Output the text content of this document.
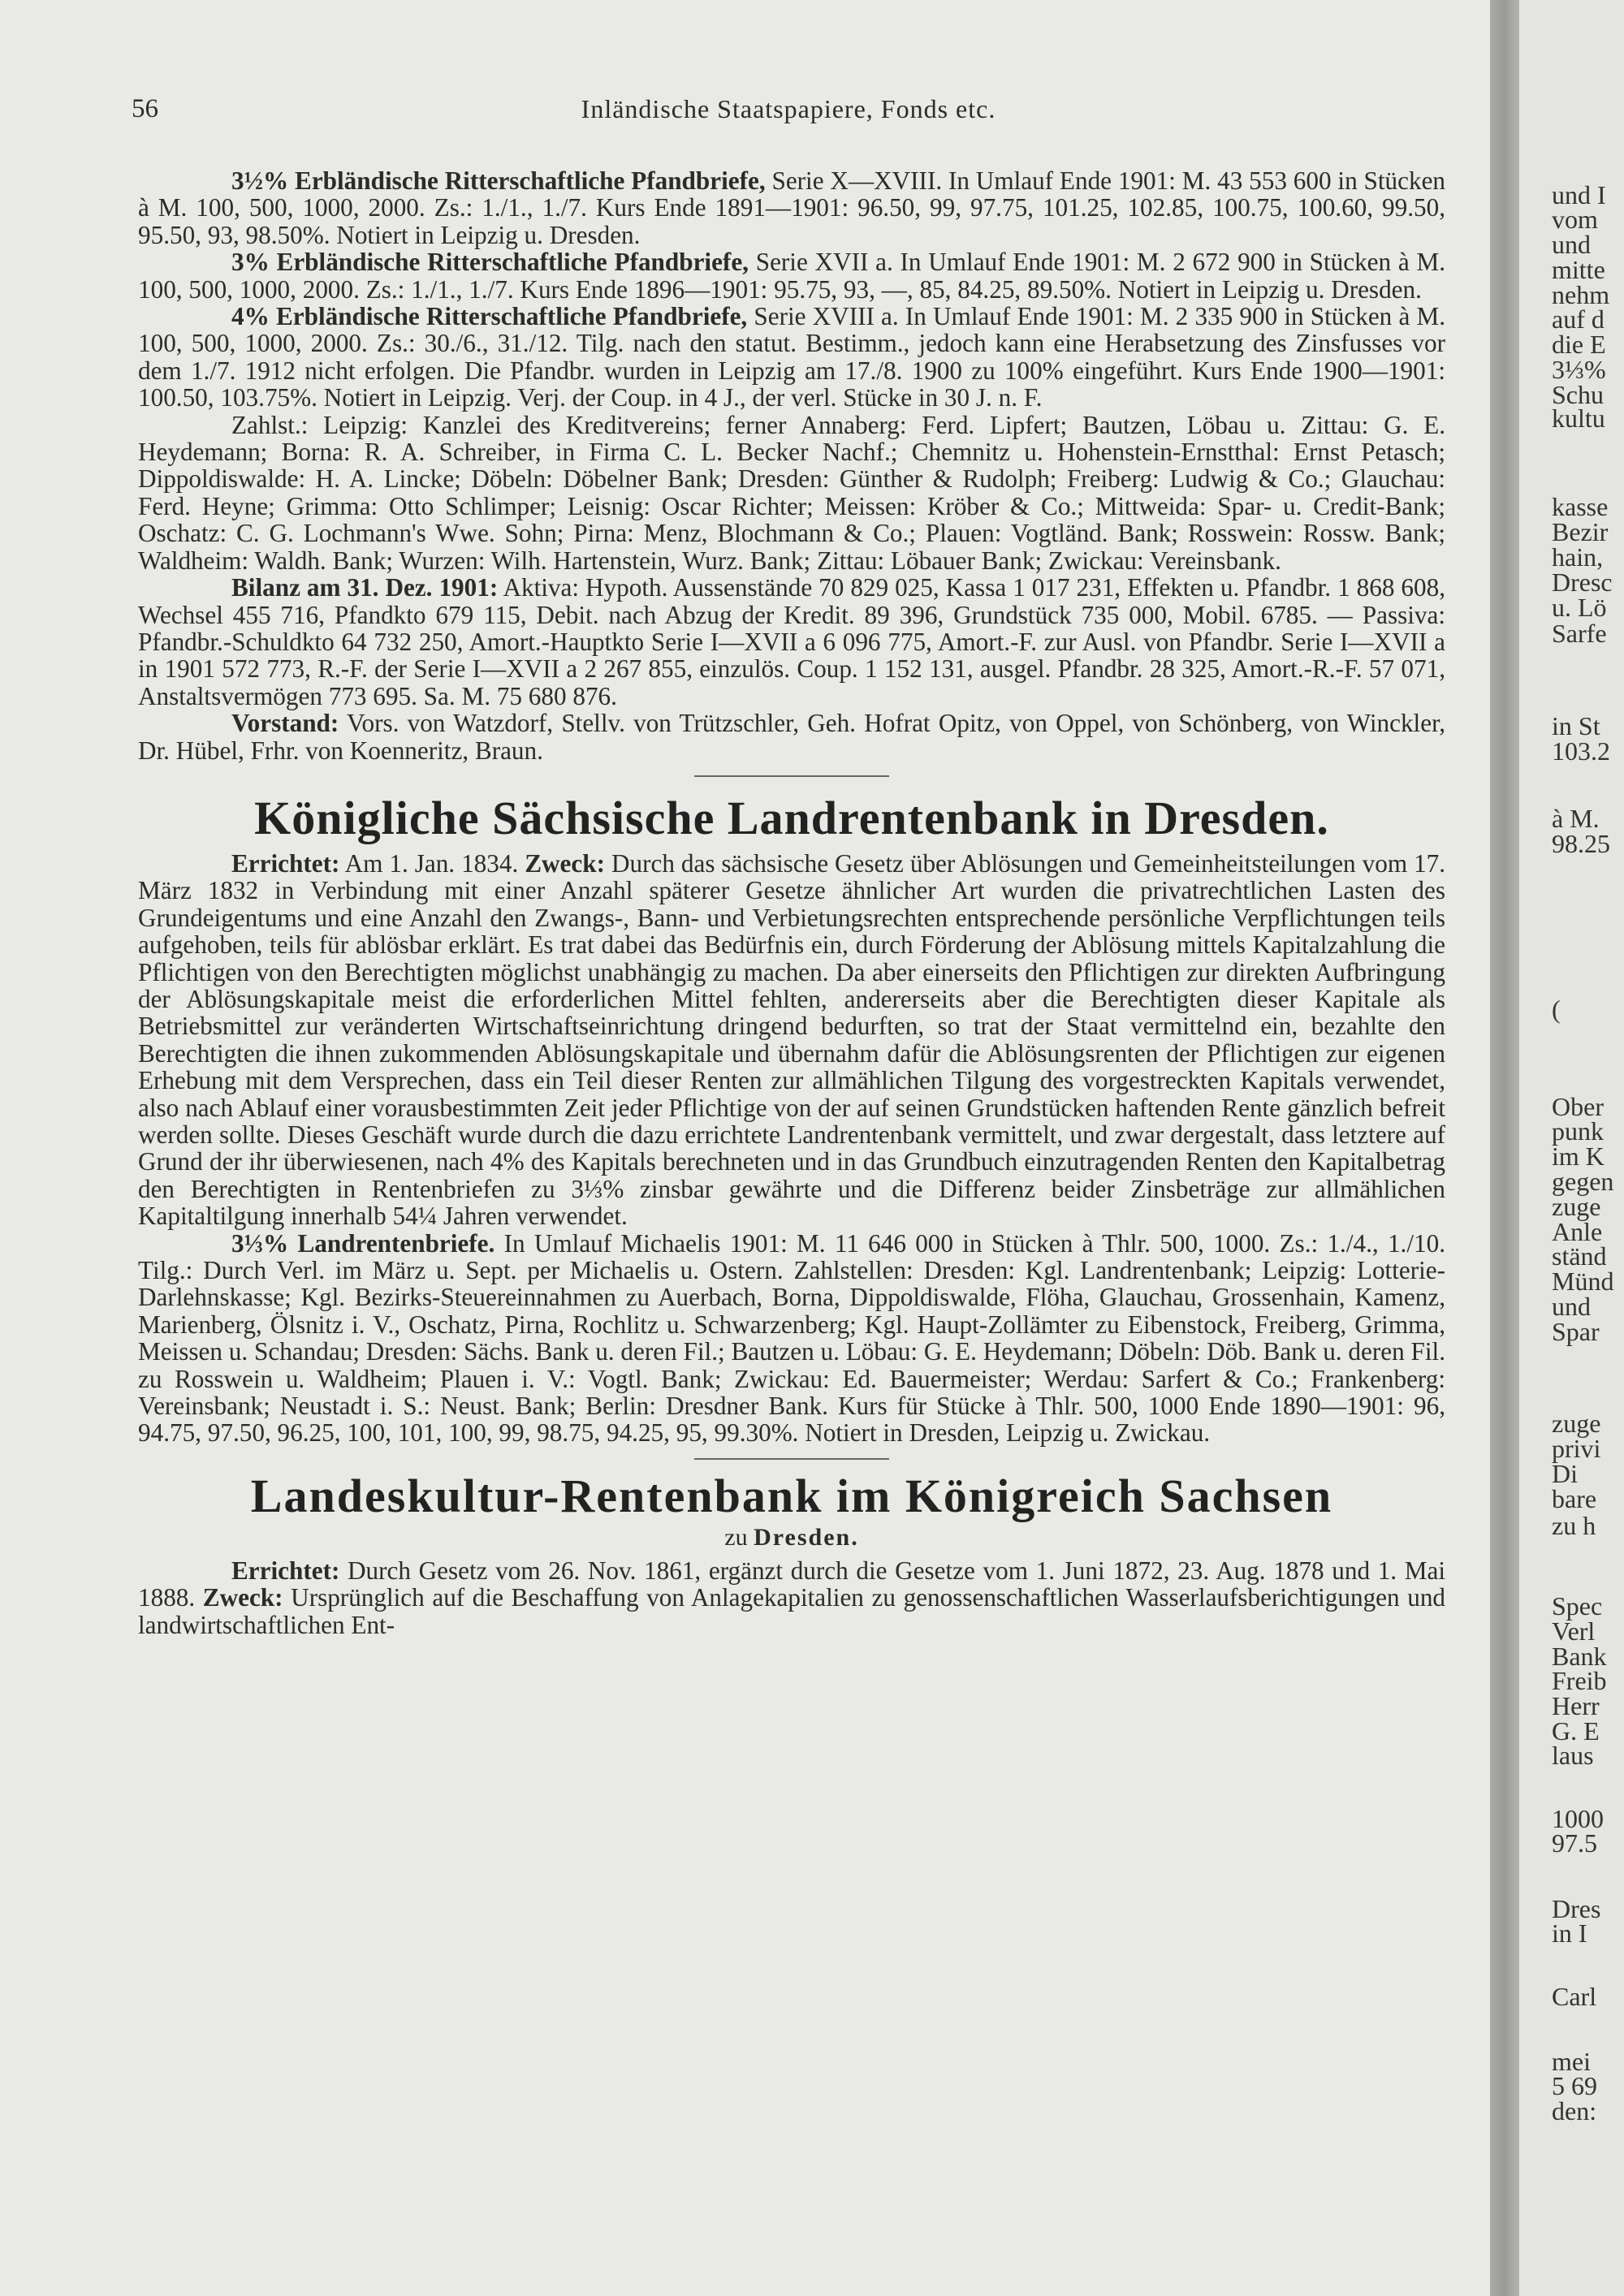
56	Inländische Staatspapiere, Fonds etc.

3½% Erbländische Ritterschaftliche Pfandbriefe, Serie X—XVIII. In Umlauf Ende 1901: M. 43 553 600 in Stücken à M. 100, 500, 1000, 2000. Zs.: 1./1., 1./7. Kurs Ende 1891—1901: 96.50, 99, 97.75, 101.25, 102.85, 100.75, 100.60, 99.50, 95.50, 93, 98.50%. Notiert in Leipzig u. Dresden.

3% Erbländische Ritterschaftliche Pfandbriefe, Serie XVII a. In Umlauf Ende 1901: M. 2 672 900 in Stücken à M. 100, 500, 1000, 2000. Zs.: 1./1., 1./7. Kurs Ende 1896—1901: 95.75, 93, —, 85, 84.25, 89.50%. Notiert in Leipzig u. Dresden.

4% Erbländische Ritterschaftliche Pfandbriefe, Serie XVIII a. In Umlauf Ende 1901: M. 2 335 900 in Stücken à M. 100, 500, 1000, 2000. Zs.: 30./6., 31./12. Tilg. nach den statut. Bestimm., jedoch kann eine Herabsetzung des Zinsfusses vor dem 1./7. 1912 nicht erfolgen. Die Pfandbr. wurden in Leipzig am 17./8. 1900 zu 100% eingeführt. Kurs Ende 1900—1901: 100.50, 103.75%. Notiert in Leipzig. Verj. der Coup. in 4 J., der verl. Stücke in 30 J. n. F.

Zahlst.: Leipzig: Kanzlei des Kreditvereins; ferner Annaberg: Ferd. Lipfert; Bautzen, Löbau u. Zittau: G. E. Heydemann; Borna: R. A. Schreiber, in Firma C. L. Becker Nachf.; Chemnitz u. Hohenstein-Ernstthal: Ernst Petasch; Dippoldiswalde: H. A. Lincke; Döbeln: Döbelner Bank; Dresden: Günther & Rudolph; Freiberg: Ludwig & Co.; Glauchau: Ferd. Heyne; Grimma: Otto Schlimper; Leisnig: Oscar Richter; Meissen: Kröber & Co.; Mittweida: Spar- u. Credit-Bank; Oschatz: C. G. Lochmann's Wwe. Sohn; Pirna: Menz, Blochmann & Co.; Plauen: Vogtländ. Bank; Rosswein: Rossw. Bank; Waldheim: Waldh. Bank; Wurzen: Wilh. Hartenstein, Wurz. Bank; Zittau: Löbauer Bank; Zwickau: Vereinsbank.

Bilanz am 31. Dez. 1901: Aktiva: Hypoth. Aussenstände 70 829 025, Kassa 1 017 231, Effekten u. Pfandbr. 1 868 608, Wechsel 455 716, Pfandkto 679 115, Debit. nach Abzug der Kredit. 89 396, Grundstück 735 000, Mobil. 6785. — Passiva: Pfandbr.-Schuldkto 64 732 250, Amort.-Hauptkto Serie I—XVII a 6 096 775, Amort.-F. zur Ausl. von Pfandbr. Serie I—XVII a in 1901 572 773, R.-F. der Serie I—XVII a 2 267 855, einzulös. Coup. 1 152 131, ausgel. Pfandbr. 28 325, Amort.-R.-F. 57 071, Anstaltsvermögen 773 695. Sa. M. 75 680 876.

Vorstand: Vors. von Watzdorf, Stellv. von Trützschler, Geh. Hofrat Opitz, von Oppel, von Schönberg, von Winckler, Dr. Hübel, Frhr. von Koenneritz, Braun.

Königliche Sächsische Landrentenbank in Dresden.

Errichtet: Am 1. Jan. 1834. Zweck: Durch das sächsische Gesetz über Ablösungen und Gemeinheitsteilungen vom 17. März 1832 in Verbindung mit einer Anzahl späterer Gesetze ähnlicher Art wurden die privatrechtlichen Lasten des Grundeigentums und eine Anzahl den Zwangs-, Bann- und Verbietungsrechten entsprechende persönliche Verpflichtungen teils aufgehoben, teils für ablösbar erklärt. Es trat dabei das Bedürfnis ein, durch Förderung der Ablösung mittels Kapitalzahlung die Pflichtigen von den Berechtigten möglichst unabhängig zu machen. Da aber einerseits den Pflichtigen zur direkten Aufbringung der Ablösungskapitale meist die erforderlichen Mittel fehlten, andererseits aber die Berechtigten dieser Kapitale als Betriebsmittel zur veränderten Wirtschaftseinrichtung dringend bedurften, so trat der Staat vermittelnd ein, bezahlte den Berechtigten die ihnen zukommenden Ablösungskapitale und übernahm dafür die Ablösungsrenten der Pflichtigen zur eigenen Erhebung mit dem Versprechen, dass ein Teil dieser Renten zur allmählichen Tilgung des vorgestreckten Kapitals verwendet, also nach Ablauf einer vorausbestimmten Zeit jeder Pflichtige von der auf seinen Grundstücken haftenden Rente gänzlich befreit werden sollte. Dieses Geschäft wurde durch die dazu errichtete Landrentenbank vermittelt, und zwar dergestalt, dass letztere auf Grund der ihr überwiesenen, nach 4% des Kapitals berechneten und in das Grundbuch einzutragenden Renten den Kapitalbetrag den Berechtigten in Rentenbriefen zu 3⅓% zinsbar gewährte und die Differenz beider Zinsbeträge zur allmählichen Kapitaltilgung innerhalb 54¼ Jahren verwendet.

3⅓% Landrentenbriefe. In Umlauf Michaelis 1901: M. 11 646 000 in Stücken à Thlr. 500, 1000. Zs.: 1./4., 1./10. Tilg.: Durch Verl. im März u. Sept. per Michaelis u. Ostern. Zahlstellen: Dresden: Kgl. Landrentenbank; Leipzig: Lotterie-Darlehnskasse; Kgl. Bezirks-Steuereinnahmen zu Auerbach, Borna, Dippoldiswalde, Flöha, Glauchau, Grossenhain, Kamenz, Marienberg, Ölsnitz i. V., Oschatz, Pirna, Rochlitz u. Schwarzenberg; Kgl. Haupt-Zollämter zu Eibenstock, Freiberg, Grimma, Meissen u. Schandau; Dresden: Sächs. Bank u. deren Fil.; Bautzen u. Löbau: G. E. Heydemann; Döbeln: Döb. Bank u. deren Fil. zu Rosswein u. Waldheim; Plauen i. V.: Vogtl. Bank; Zwickau: Ed. Bauermeister; Werdau: Sarfert & Co.; Frankenberg: Vereinsbank; Neustadt i. S.: Neust. Bank; Berlin: Dresdner Bank. Kurs für Stücke à Thlr. 500, 1000 Ende 1890—1901: 96, 94.75, 97.50, 96.25, 100, 101, 100, 99, 98.75, 94.25, 95, 99.30%. Notiert in Dresden, Leipzig u. Zwickau.

Landeskultur-Rentenbank im Königreich Sachsen
zu Dresden.

Errichtet: Durch Gesetz vom 26. Nov. 1861, ergänzt durch die Gesetze vom 1. Juni 1872, 23. Aug. 1878 und 1. Mai 1888. Zweck: Ursprünglich auf die Beschaffung von Anlagekapitalien zu genossenschaftlichen Wasserlaufsberichtigungen und landwirtschaftlichen Ent-

und I
vom
und
mitte
nehm
auf d
die E
3⅓%
Schu
kultu
kasse
Bezir
hain,
Dresc
u. Lö
Sarfe
in St
103.2
à M.
98.25
(
Ober
punk
im K
gegen
zuge
Anle
ständ
Münd
und
Spar
zuge
privi
Di
bare
zu h
Spec
Verl
Bank
Freib
Herr
G. E
laus
1000
97.5
Dres
in I
Carl
mei
5 69
den:
